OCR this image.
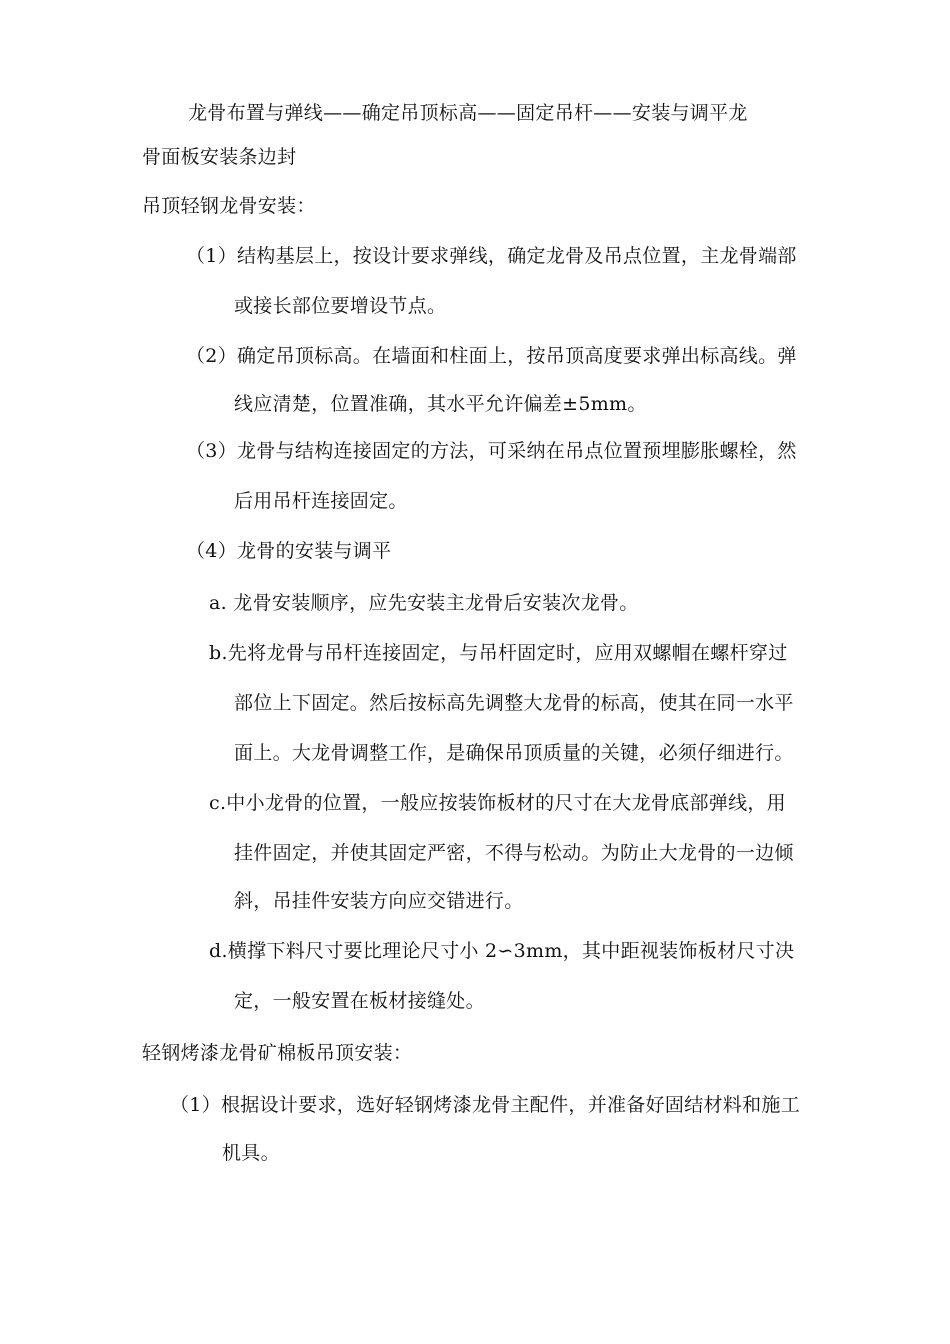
龙骨布置与弹线——确定吊顶标高——固定吊杆——安装与调平龙
骨面板安装条边封
吊顶轻钢龙骨安装：
（1）结构基层上，按设计要求弹线，确定龙骨及吊点位置，主龙骨端部
或接长部位要增设节点。
（2）确定吊顶标高。在墙面和柱面上，按吊顶高度要求弹出标高线。弹
线应清楚，位置准确，其水平允许偏差±5mm。
（3）龙骨与结构连接固定的方法，可采纳在吊点位置预埋膨胀螺栓，然
后用吊杆连接固定。
（4）龙骨的安装与调平
a. 龙骨安装顺序，应先安装主龙骨后安装次龙骨。
b.先将龙骨与吊杆连接固定，与吊杆固定时，应用双螺帽在螺杆穿过
部位上下固定。然后按标高先调整大龙骨的标高，使其在同一水平
面上。大龙骨调整工作，是确保吊顶质量的关键，必须仔细进行。
c.中小龙骨的位置，一般应按装饰板材的尺寸在大龙骨底部弹线，用
挂件固定，并使其固定严密，不得与松动。为防止大龙骨的一边倾
斜，吊挂件安装方向应交错进行。
d.横撑下料尺寸要比理论尺寸小 2∽3mm，其中距视装饰板材尺寸决
定，一般安置在板材接缝处。
轻钢烤漆龙骨矿棉板吊顶安装：
（1）根据设计要求，选好轻钢烤漆龙骨主配件，并准备好固结材料和施工
机具。
